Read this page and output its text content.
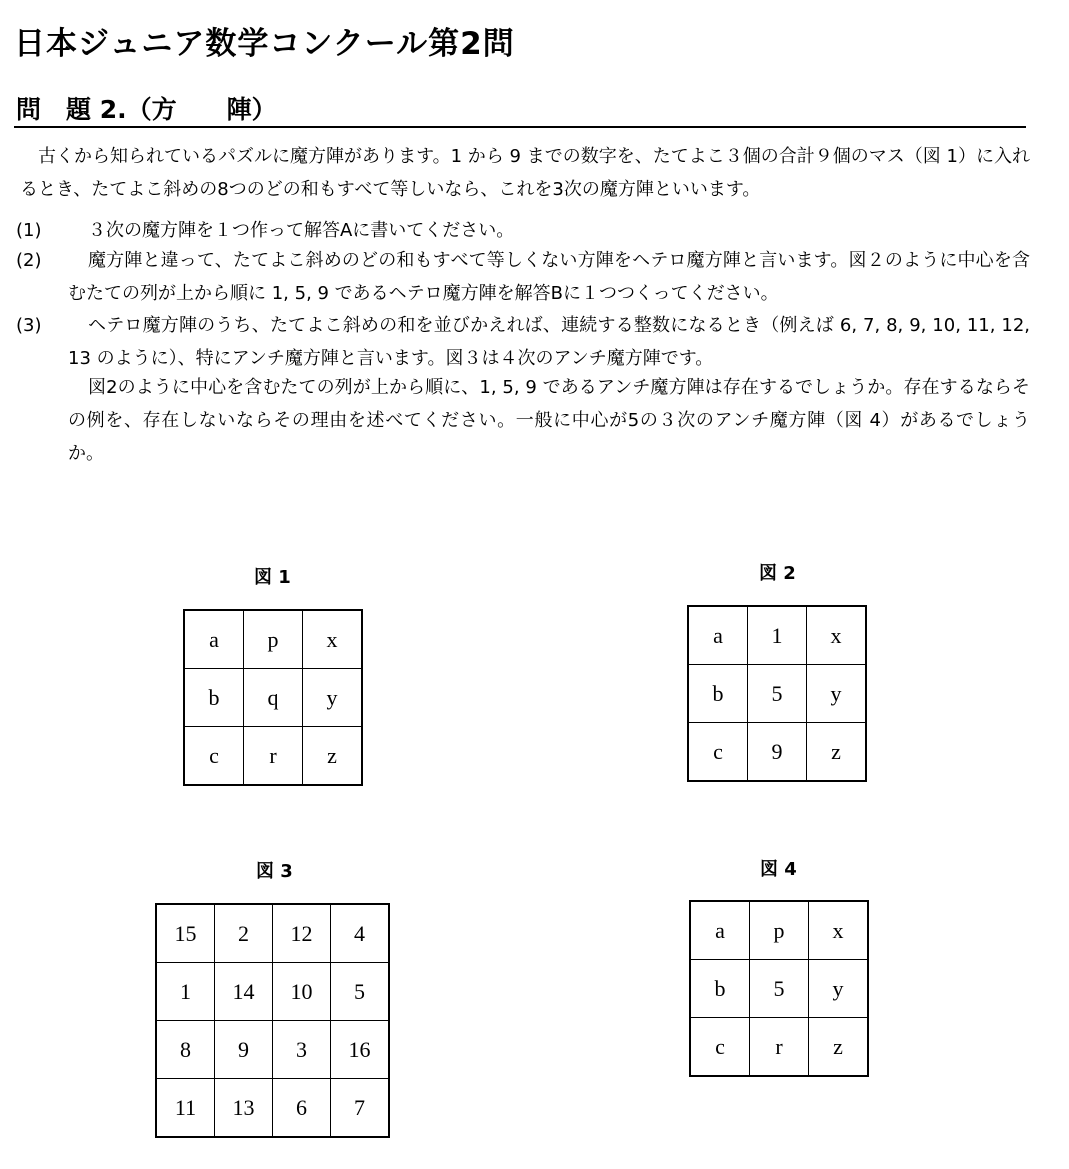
日本ジュニア数学コンクール第2問
問　題 2.（方　　陣）

古くから知られているパズルに魔方陣があります。1 から 9 までの数字を、たてよこ３個の合計９個のマス（図 1）に入れるとき、たてよこ斜めの8つのどの和もすべて等しいなら、これを3次の魔方陣といいます。

(1)	３次の魔方陣を１つ作って解答Aに書いてください。

(2)	魔方陣と違って、たてよこ斜めのどの和もすべて等しくない方陣をヘテロ魔方陣と言います。図２のように中心を含むたての列が上から順に 1, 5, 9 であるヘテロ魔方陣を解答Bに１つつくってください。

(3)	ヘテロ魔方陣のうち、たてよこ斜めの和を並びかえれば、連続する整数になるとき（例えば 6, 7, 8, 9, 10, 11, 12, 13 のように）、特にアンチ魔方陣と言います。図３は４次のアンチ魔方陣です。

図2のように中心を含むたての列が上から順に、1, 5, 9 であるアンチ魔方陣は存在するでしょうか。存在するならその例を、存在しないならその理由を述べてください。一般に中心が5の３次のアンチ魔方陣（図 4）があるでしょうか。

図 1
a	p	x
b	q	y
c	r	z
図 2
a	1	x
b	5	y
c	9	z
図 3
15	2	12	4
1	14	10	5
8	9	3	16
11	13	6	7
図 4
a	p	x
b	5	y
c	r	z
